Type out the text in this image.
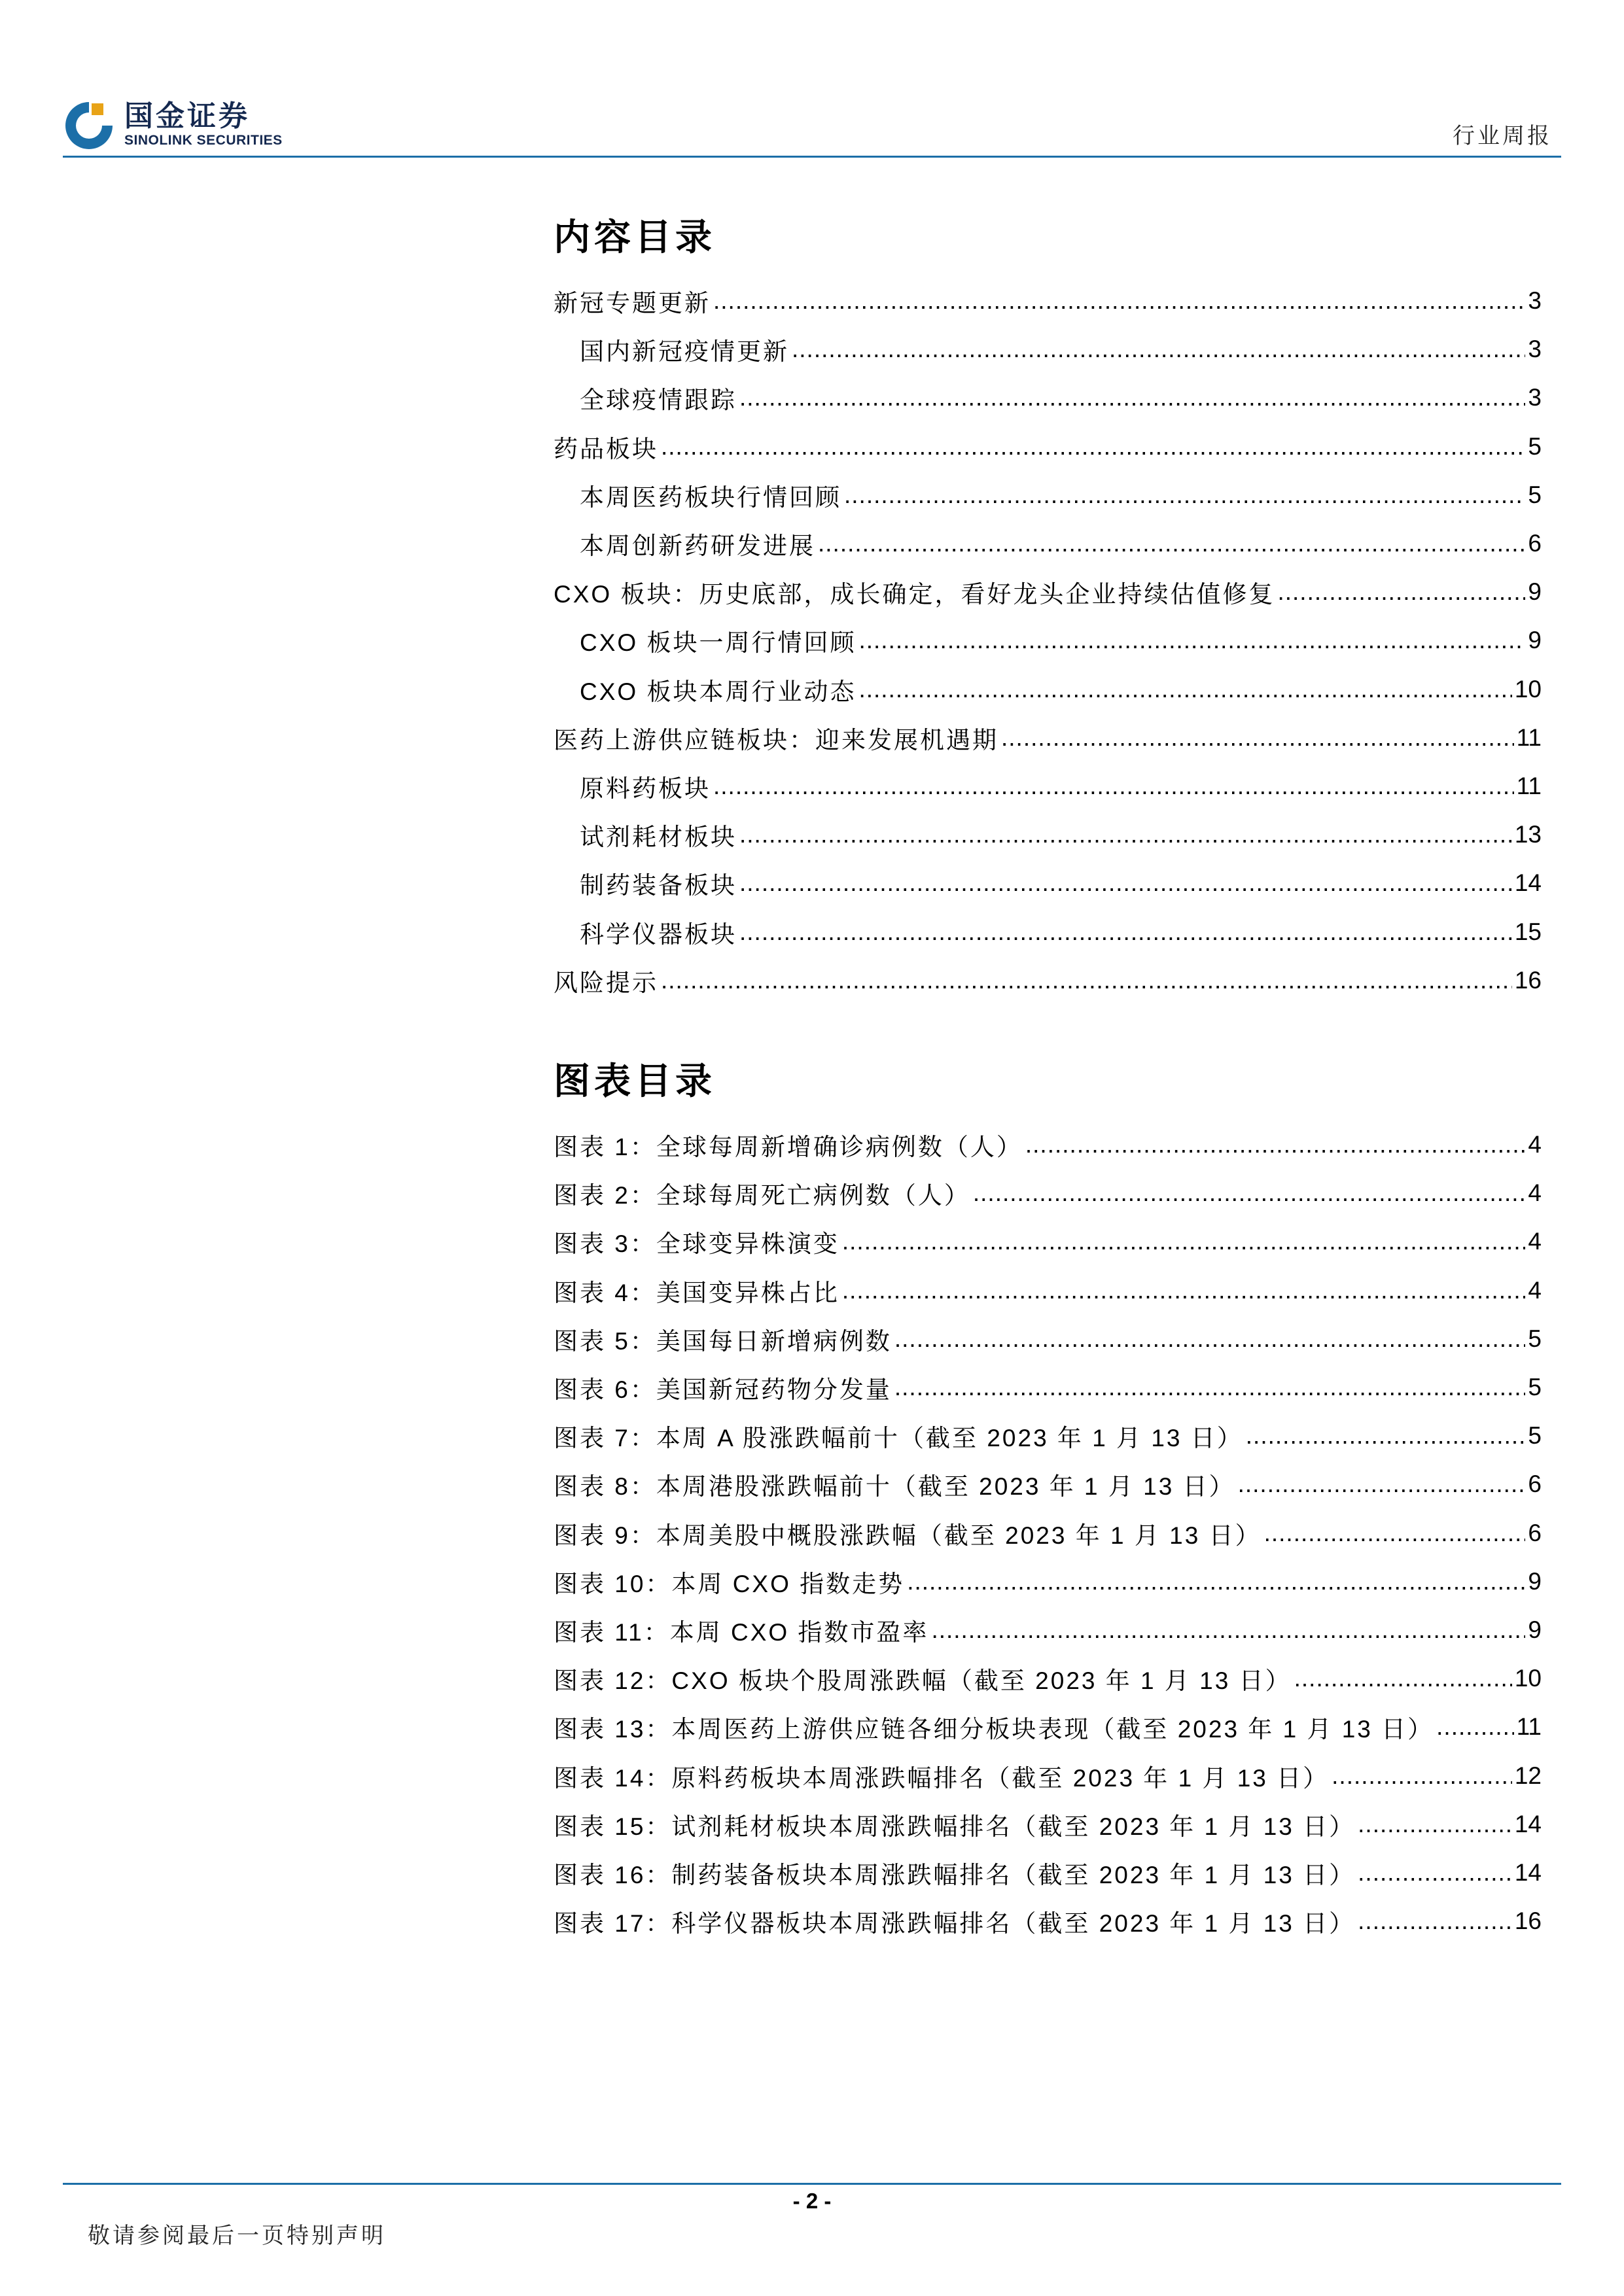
国金证券
SINOLINK SECURITIES	行业周报
内容目录
新冠专题更新 .....	3
国内新冠疫情更新 .....	3
全球疫情跟踪 .....	3
药品板块 .....	5
本周医药板块行情回顾 .....	5
本周创新药研发进展 .....	6
CXO 板块：历史底部，成长确定，看好龙头企业持续估值修复 .....	9
CXO 板块一周行情回顾 .....	9
CXO 板块本周行业动态 .....	10
医药上游供应链板块：迎来发展机遇期 .....	11
原料药板块 .....	11
试剂耗材板块 .....	13
制药装备板块 .....	14
科学仪器板块 .....	15
风险提示 .....	16
图表目录
图表 1：全球每周新增确诊病例数（人） .....	4
图表 2：全球每周死亡病例数（人） .....	4
图表 3：全球变异株演变 .....	4
图表 4：美国变异株占比 .....	4
图表 5：美国每日新增病例数 .....	5
图表 6：美国新冠药物分发量 .....	5
图表 7：本周 A 股涨跌幅前十（截至 2023 年 1 月 13 日） .....	5
图表 8：本周港股涨跌幅前十（截至 2023 年 1 月 13 日） .....	6
图表 9：本周美股中概股涨跌幅（截至 2023 年 1 月 13 日） .....	6
图表 10：本周 CXO 指数走势 .....	9
图表 11：本周 CXO 指数市盈率 .....	9
图表 12：CXO 板块个股周涨跌幅（截至 2023 年 1 月 13 日） .....	10
图表 13：本周医药上游供应链各细分板块表现（截至 2023 年 1 月 13 日） .....	11
图表 14：原料药板块本周涨跌幅排名（截至 2023 年 1 月 13 日） .....	12
图表 15：试剂耗材板块本周涨跌幅排名（截至 2023 年 1 月 13 日） .....	14
图表 16：制药装备板块本周涨跌幅排名（截至 2023 年 1 月 13 日） .....	14
图表 17：科学仪器板块本周涨跌幅排名（截至 2023 年 1 月 13 日） .....	16
- 2 -
敬请参阅最后一页特别声明
